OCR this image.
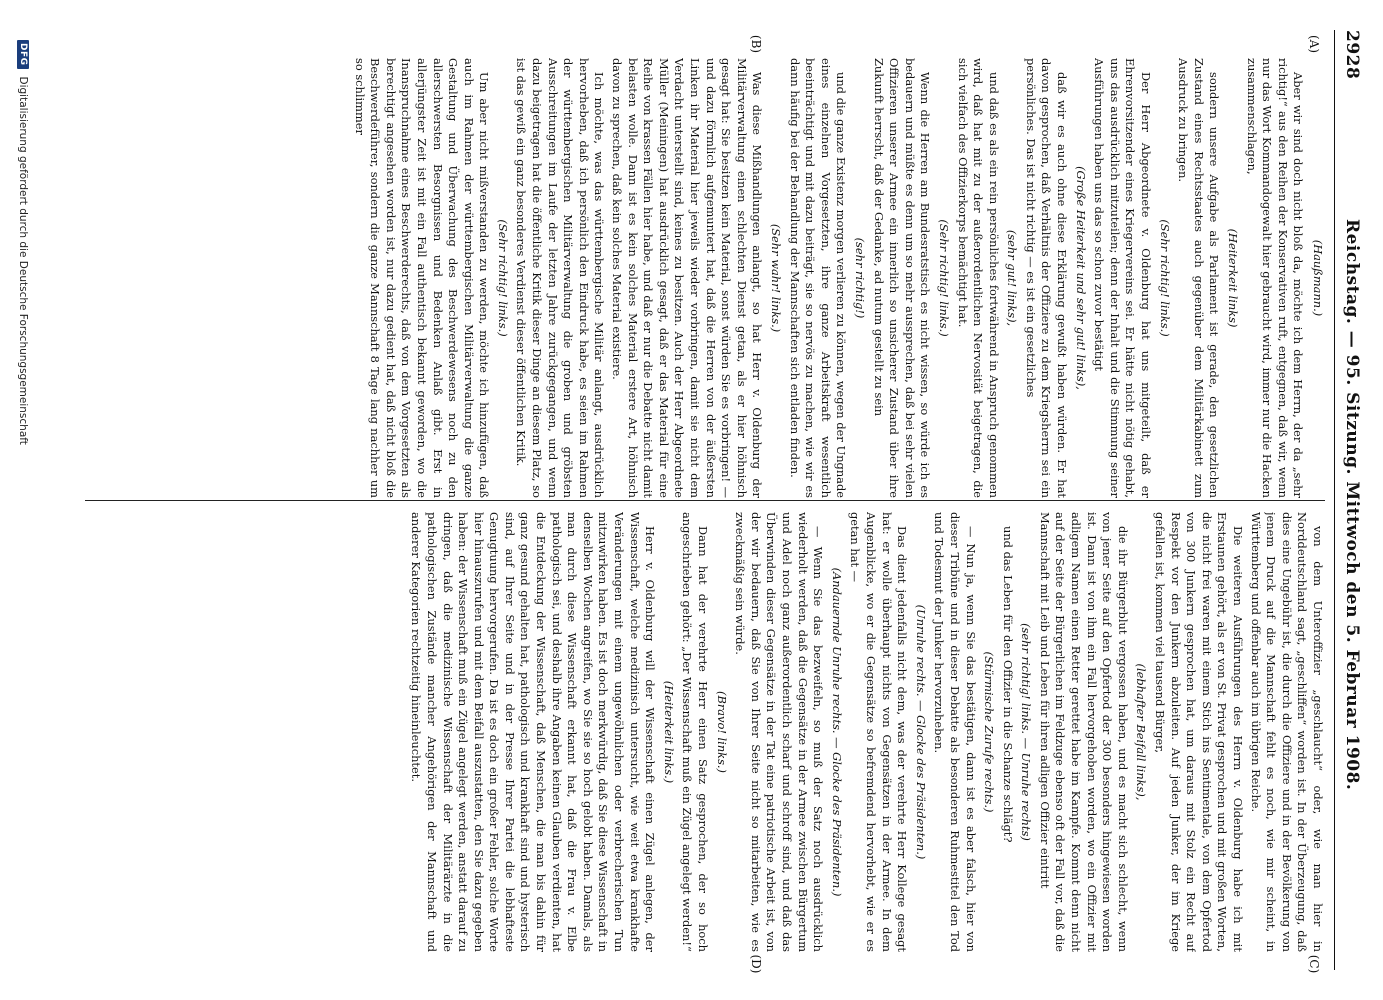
2928
Reichstag. — 95. Sitzung. Mittwoch den 5. Februar 1908.
(A)
(B)
(C)
(D)
(Haußmann.)

Aber wir sind doch nicht bloß da, möchte ich dem Herrn, der da „sehr richtig!“ aus den Reihen der Konservativen ruft, entgegnen, daß wir, wenn nur das Wort Kommandogewalt hier gebraucht wird, immer nur die Hacken zusammenschlagen,

(Heiterkeit links)

sondern unsere Aufgabe als Parlament ist gerade, den gesetzlichen Zustand eines Rechtsstaates auch gegenüber dem Militärkabinett zum Ausdruck zu bringen.

(Sehr richtig! links.)

Der Herr Abgeordnete v. Oldenburg hat uns mitgeteilt, daß er Ehrenvorsitzender eines Kriegervereins sei. Er hätte nicht nötig gehabt, uns das ausdrücklich mitzuteilen; denn der Inhalt und die Stimmung seiner Ausführungen haben uns das so schon zuvor bestätigt

(Große Heiterkeit und sehr gut! links),

daß wir es auch ohne diese Erklärung gewußt haben würden. Er hat davon gesprochen, daß Verhältnis der Offiziere zu dem Kriegsherrn sei ein persönliches. Das ist nicht richtig — es ist ein gesetzliches

(sehr gut! links),

und daß es als ein rein persönliches fortwährend in Anspruch genommen wird, daß hat mit zu der außerordentlichen Nervosität beigetragen, die sich vielfach des Offizierkorps bemächtigt hat.

(Sehr richtig! links.)

Wenn die Herren am Bundesratstisch es nicht wissen, so würde ich es bedauern und müßte es denn um so mehr aussprechen, daß bei sehr vielen Offizieren unserer Armee ein innerlich so unsicherer Zustand über ihre Zukunft herrscht, daß der Gedanke, ad nutum gestellt zu sein

(sehr richtig!)

und die ganze Existenz morgen verlieren zu können, wegen der Ungnade eines einzelnen Vorgesetzten, ihre ganze Arbeitskraft wesentlich beeinträchtigt und mit dazu beiträgt, sie so nervös zu machen, wie wir es dann häufig bei der Behandlung der Mannschaften sich entladen finden.

(Sehr wahr! links.)

Was diese Mißhandlungen anlangt, so hat Herr v. Oldenburg der Militärverwaltung einen schlechten Dienst getan, als er hier höhnisch gesagt hat: Sie besitzen kein Material, sonst würden Sie es vorbringen! — und dazu förmlich aufgemuntert hat, daß die Herren von der äußersten Linken ihr Material hier jeweils wieder vorbringen, damit sie nicht dem Verdacht unterstellt sind, keines zu besitzen. Auch der Herr Abgeordnete Müller (Meiningen) hat ausdrücklich gesagt, daß er das Material für eine Reihe von krassen Fällen hier habe, und daß er nur die Debatte nicht damit belasten wolle. Dann ist es kein solches Material erstere Art, höhnisch davon zu sprechen, daß kein solches Material existiere.

Ich möchte, was das württembergische Militär anlangt, ausdrücklich hervorheben, daß ich persönlich den Eindruck habe, es seien im Rahmen der württembergischen Militärverwaltung die groben und gröbsten Ausschreitungen im Laufe der letzten Jahre zurückgegangen, und wenn dazu beigetragen hat die öffentliche Kritik dieser Dinge an diesem Platz, so ist das gewiß ein ganz besonderes Verdienst dieser öffentlichen Kritik.

(Sehr richtig! links.)

Um aber nicht mißverstanden zu werden, möchte ich hinzufügen, daß auch im Rahmen der württembergischen Militärverwaltung die ganze Gestaltung und Überwachung des Beschwerdewesens noch zu den allerschwersten Besorgnissen und Bedenken Anlaß gibt. Erst in allerjüngster Zeit ist mit ein Fall authentisch bekannt geworden, wo die Inanspruchnahme eines Beschwerderechts, daß von dem Vorgesetzten als berechtigt angesehen worden ist, nur dazu gedient hat, daß nicht bloß die Beschwerdeführer, sondern die ganze Mannschaft 8 Tage lang nachher um so schlimmer

von dem Unteroffizier „geschlaucht“ oder, wie man hier in Norddeutschland sagt, „geschliffen“ worden ist. In der Überzeugung, daß dies eine Ungebühr ist, die durch die Offiziere und in der Bevölkerung von jenem Druck auf die Mannschaft fehlt es noch, wie mir scheint, in Württemberg und offenbar auch im übrigen Reiche.

Die weiteren Ausführungen des Herrn v. Oldenburg habe ich mit Erstaunen gehört, als er von St. Privat gesprochen und mit großen Worten, die nicht frei waren mit einem Stich ins Sentimentale, von dem Opfertod von 300 Junkern gesprochen hat, um daraus mit Stolz ein Recht auf Respekt vor den Junkern abzuleiten. Auf jeden Junker, der im Kriege gefallen ist, kommen viel tausend Bürger,

(lebhafter Beifall links),

die ihr Bürgerblut vergossen haben, und es macht sich schlecht, wenn von jener Seite auf den Opfertod der 300 besonders hingewiesen worden ist. Dann ist von ihm ein Fall hervorgehoben worden, wo ein Offizier mit adligem Namen einen Retter gerettet habe im Kampfe. Kommt denn nicht auf der Seite der Bürgerlichen im Feldzuge ebenso oft der Fall vor, daß die Mannschaft mit Leib und Leben für ihren adligen Offizier eintritt

(sehr richtig! links. — Unruhe rechts)

und das Leben für den Offizier in die Schanze schlägt?

(Stürmische Zurufe rechts.)

— Nun ja, wenn Sie das bestätigen, dann ist es aber falsch, hier von dieser Tribüne und in dieser Debatte als besonderen Ruhmestitel den Tod und Todesmut der Junker hervorzuheben.

(Unruhe rechts. — Glocke des Präsidenten.)

Das dient jedenfalls nicht dem, was der verehrte Herr Kollege gesagt hat: er wolle überhaupt nichts von Gegensätzen in der Armee. In dem Augenblicke, wo er die Gegensätze so befremdend hervorhebt, wie er es getan hat —

(Andauernde Unruhe rechts. — Glocke des Präsidenten.)

— Wenn Sie das bezweifeln, so muß der Satz noch ausdrücklich wiederholt werden, daß die Gegensätze in der Armee zwischen Bürgertum und Adel noch ganz außerordentlich scharf und schroff sind, und daß das Überwinden dieser Gegensätze in der Tat eine patriotische Arbeit ist, von der wir bedauern, daß Sie von Ihrer Seite nicht so mitarbeiten, wie es zweckmäßig sein würde.

(Bravo! links.)

Dann hat der verehrte Herr einen Satz gesprochen, der so hoch angeschrieben gehört: „Der Wissenschaft muß ein Zügel angelegt werden!“

(Heiterkeit links.)

Herr v. Oldenburg will der Wissenschaft einen Zügel anlegen, der Wissenschaft, welche medizinisch untersucht, wie weit etwa krankhafte Veränderungen mit einem ungewöhnlichen oder verbrecherischen Tun mitzuwirken haben. Es ist doch merkwürdig, daß Sie diese Wissenschaft in denselben Wochen angreifen, wo Sie sie so hoch gelobt haben. Damals, als man durch diese Wissenschaft erkannt hat, daß die Frau v. Elbe pathologisch sei, und deshalb ihre Angaben keinen Glauben verdienten, hat die Entdeckung der Wissenschaft, daß Menschen, die man bis dahin für ganz gesund gehalten hat, pathologisch und krankhaft sind und hysterisch sind, auf Ihrer Seite und in der Presse Ihrer Partei die lebhafteste Genugtuung hervorgerufen. Da ist es doch ein großer Fehler, solche Worte hier hinauszurufen und mit dem Beifall auszustatten, den Sie dazu gegeben haben: der Wissenschaft muß ein Zügel angelegt werden, anstatt darauf zu dringen, daß die medizinische Wissenschaft der Militärärzte in die pathologischen Zustände mancher Angehörigen der Mannschaft und anderer Kategorien rechtzeitig hineinleuchtet.

DFG
Digitalisierung gefördert durch die Deutsche Forschungsgemeinschaft
